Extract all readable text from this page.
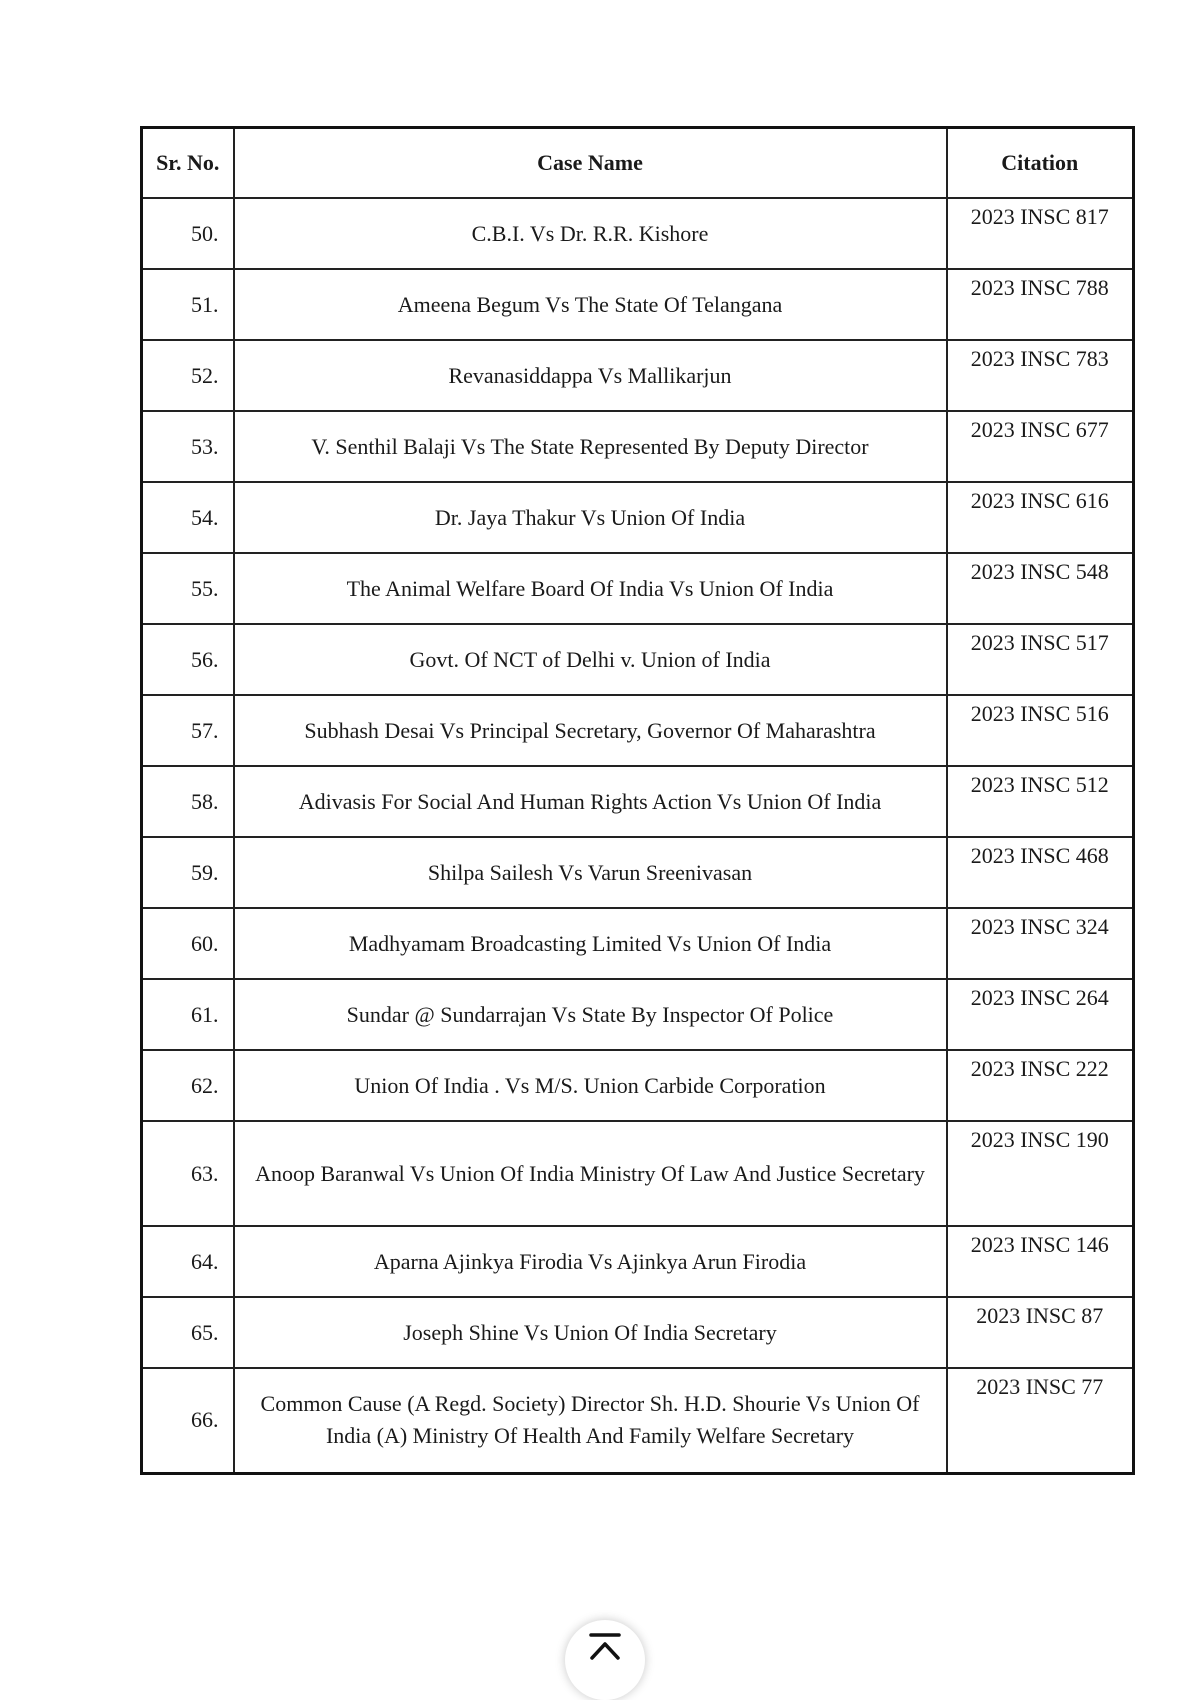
Sr. No.	Case Name	Citation
50.	C.B.I. Vs Dr. R.R. Kishore	2023 INSC 817
51.	Ameena Begum Vs The State Of Telangana	2023 INSC 788
52.	Revanasiddappa Vs Mallikarjun	2023 INSC 783
53.	V. Senthil Balaji Vs The State Represented By Deputy Director	2023 INSC 677
54.	Dr. Jaya Thakur Vs Union Of India	2023 INSC 616
55.	The Animal Welfare Board Of India Vs Union Of India	2023 INSC 548
56.	Govt. Of NCT of Delhi v. Union of India	2023 INSC 517
57.	Subhash Desai Vs Principal Secretary, Governor Of Maharashtra	2023 INSC 516
58.	Adivasis For Social And Human Rights Action Vs Union Of India	2023 INSC 512
59.	Shilpa Sailesh Vs Varun Sreenivasan	2023 INSC 468
60.	Madhyamam Broadcasting Limited Vs Union Of India	2023 INSC 324
61.	Sundar @ Sundarrajan Vs State By Inspector Of Police	2023 INSC 264
62.	Union Of India . Vs M/S. Union Carbide Corporation	2023 INSC 222
63.	Anoop Baranwal Vs Union Of India Ministry Of Law And Justice Secretary	2023 INSC 190
64.	Aparna Ajinkya Firodia Vs Ajinkya Arun Firodia	2023 INSC 146
65.	Joseph Shine Vs Union Of India Secretary	2023 INSC 87
66.	Common Cause (A Regd. Society) Director Sh. H.D. Shourie Vs Union Of India (A) Ministry Of Health And Family Welfare Secretary	2023 INSC 77
